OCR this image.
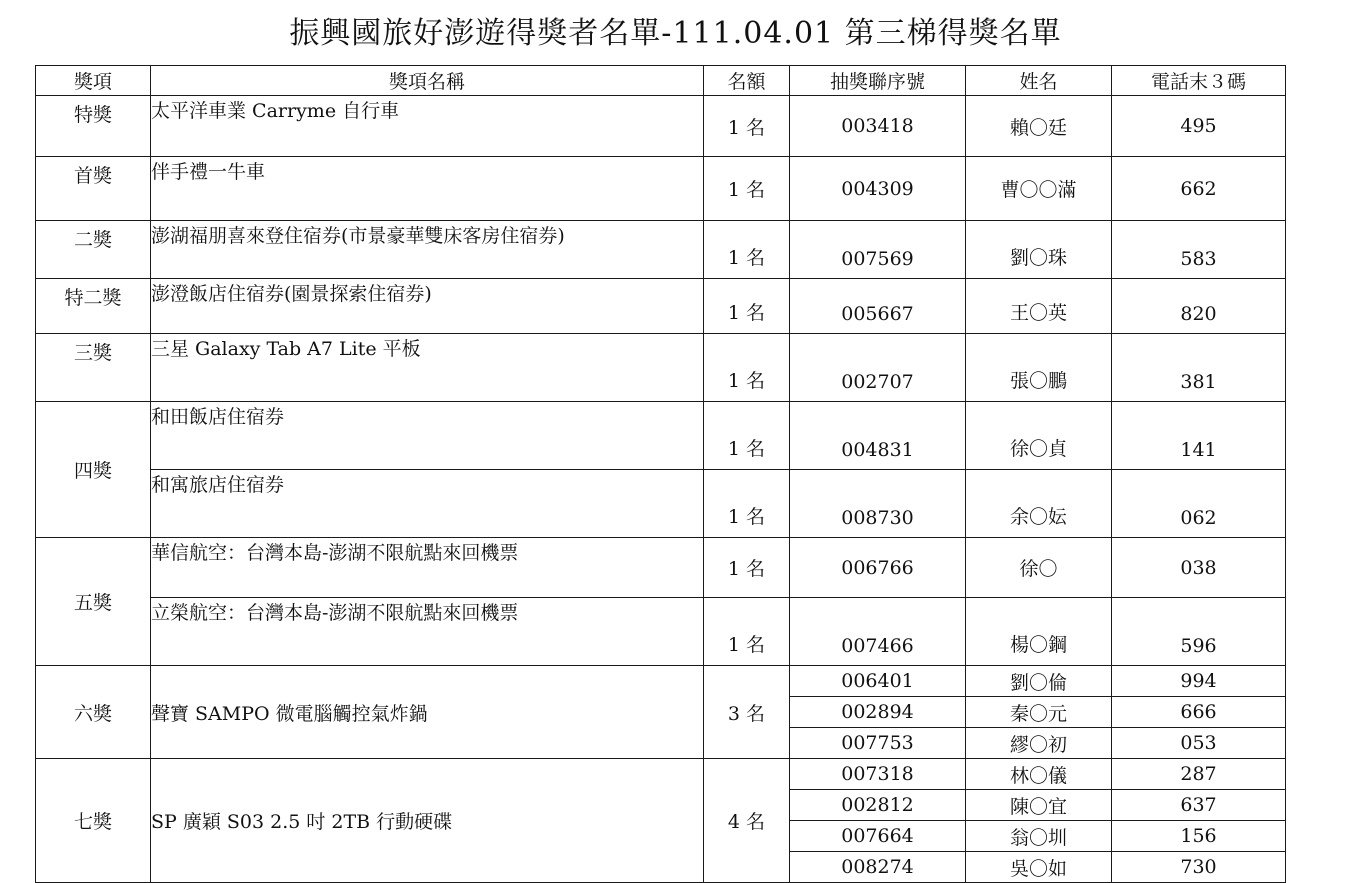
振興國旅好澎遊得獎者名單-111.04.01 第三梯得獎名單
獎項	獎項名稱	名額	抽獎聯序號	姓名	電話末３碼
特獎	太平洋車業 Carryme 自行車	1 名	003418	賴〇廷	495
首獎	伴手禮一牛車	1 名	004309	曹〇〇滿	662
二獎	澎湖福朋喜來登住宿券(市景豪華雙床客房住宿券)	1 名	007569	劉〇珠	583
特二獎	澎澄飯店住宿券(園景探索住宿券)	1 名	005667	王〇英	820
三獎	三星 Galaxy Tab A7 Lite 平板	1 名	002707	張〇鵬	381
四獎	和田飯店住宿券	1 名	004831	徐〇貞	141
	和寓旅店住宿券	1 名	008730	余〇妘	062
五獎	華信航空：台灣本島-澎湖不限航點來回機票	1 名	006766	徐〇	038
	立榮航空：台灣本島-澎湖不限航點來回機票	1 名	007466	楊〇鋼	596
六獎	聲寶 SAMPO 微電腦觸控氣炸鍋	3 名	006401	劉〇倫	994
			002894	秦〇元	666
			007753	繆〇初	053
七獎	SP 廣穎 S03 2.5 吋 2TB 行動硬碟	4 名	007318	林〇儀	287
			002812	陳〇宜	637
			007664	翁〇圳	156
			008274	吳〇如	730
